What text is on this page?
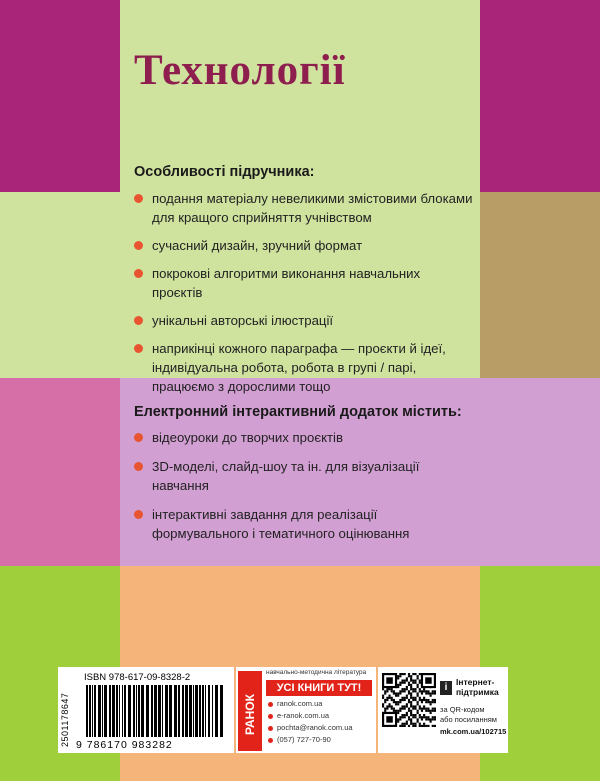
Технології
Особливості підручника:
подання матеріалу невеликими змістовими блоками для кращого сприйняття учнівством
сучасний дизайн, зручний формат
покрокові алгоритми виконання навчальних проєктів
унікальні авторські ілюстрації
наприкінці кожного параграфа — проєкти й ідеї, індивідуальна робота, робота в групі / парі, працюємо з дорослими тощо
Електронний інтерактивний додаток містить:
відеоуроки до творчих проєктів
3D-моделі, слайд-шоу та ін. для візуалізації навчання
інтерактивні завдання для реалізації формувального і тематичного оцінювання
2501178647
ISBN 978-617-09-8328-2
9 786170 983282
РАНОК
навчально-методична література
УСІ КНИГИ ТУТ!
ranok.com.ua
e-ranok.com.ua
pochta@ranok.com.ua
(057) 727-70-90
i	Інтернет-
підтримка
за QR-кодом
або посиланням
mk.com.ua/102715
